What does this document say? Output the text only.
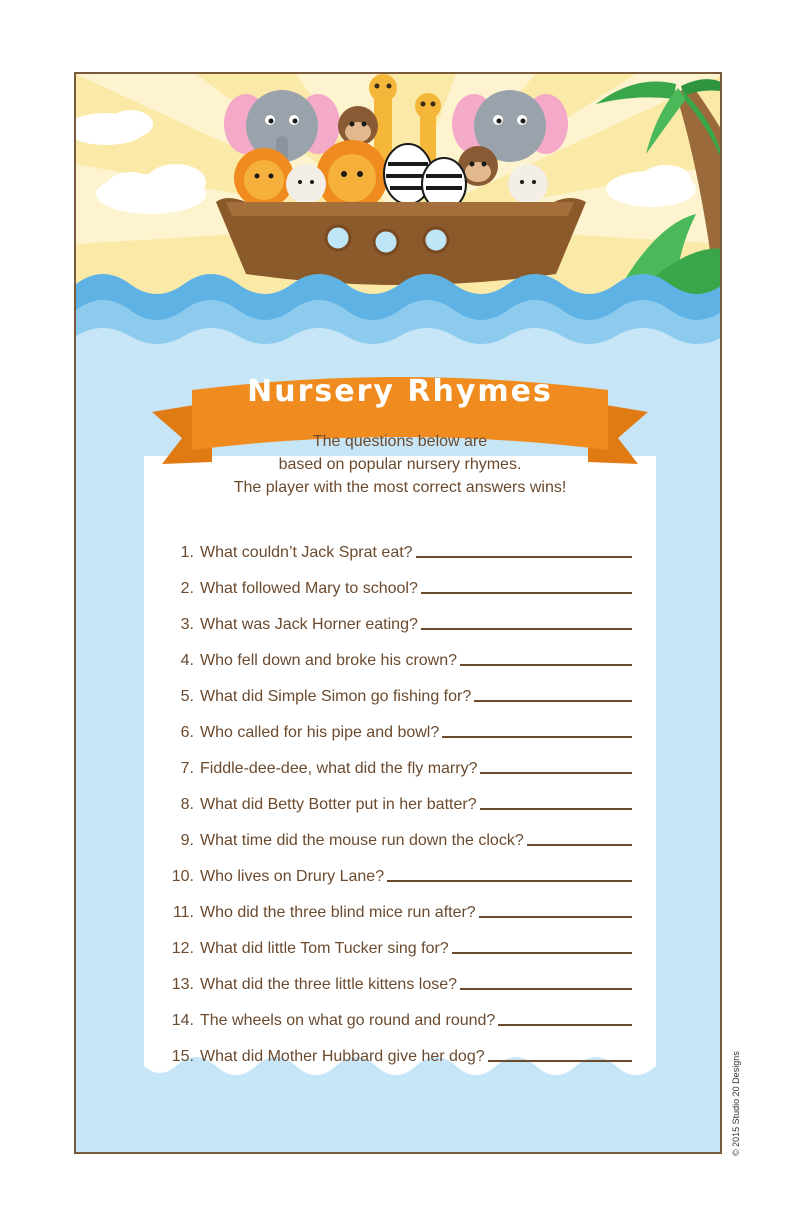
Nursery Rhymes
The questions below are
based on popular nursery rhymes.
The player with the most correct answers wins!
1. What couldn’t Jack Sprat eat?
2. What followed Mary to school?
3. What was Jack Horner eating?
4. Who fell down and broke his crown?
5. What did Simple Simon go fishing for?
6. Who called for his pipe and bowl?
7. Fiddle-dee-dee, what did the fly marry?
8. What did Betty Botter put in her batter?
9. What time did the mouse run down the clock?
10. Who lives on Drury Lane?
11. Who did the three blind mice run after?
12. What did little Tom Tucker sing for?
13. What did the three little kittens lose?
14. The wheels on what go round and round?
15. What did Mother Hubbard give her dog?	© 2015 Studio 20 Designs
